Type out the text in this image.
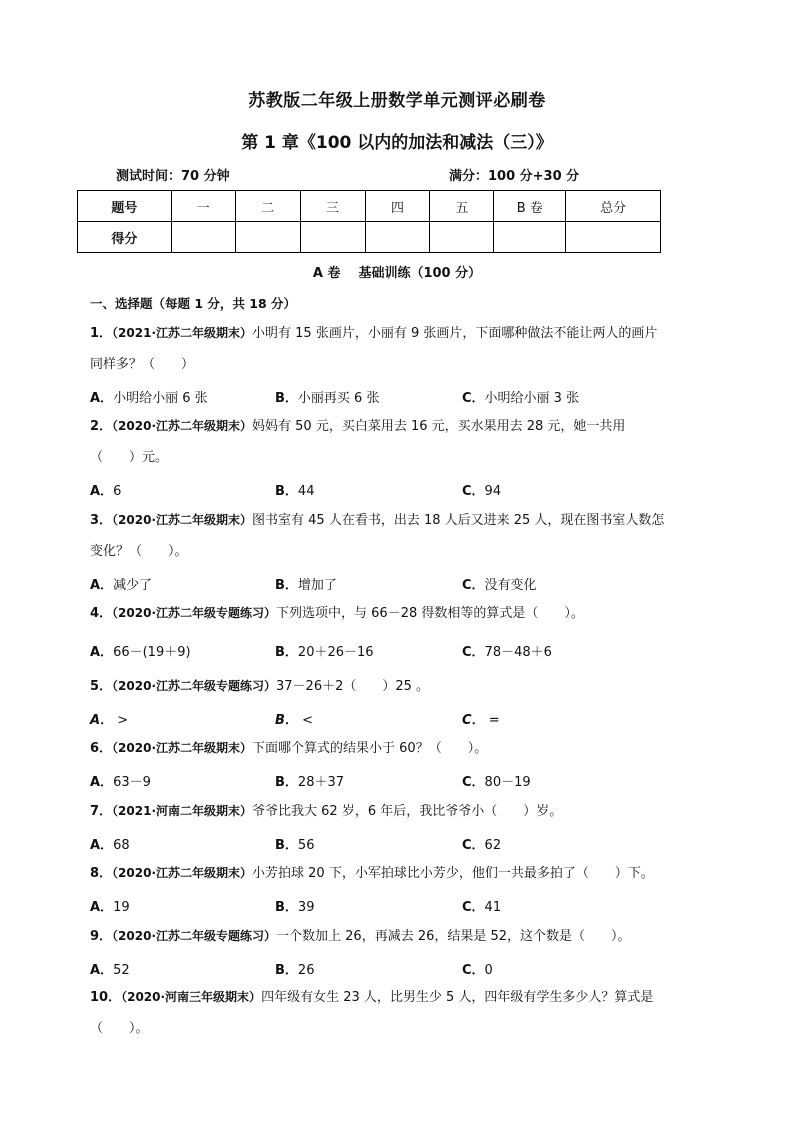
苏教版二年级上册数学单元测评必刷卷
第 1 章《100 以内的加法和减法（三）》
测试时间：70 分钟	满分：100 分+30 分
题号	一	二	三	四	五	B 卷	总分
得分							
A 卷 基础训练（100 分）
一、选择题（每题 1 分，共 18 分）
1．（2021·江苏二年级期末）小明有 15 张画片，小丽有 9 张画片，下面哪种做法不能让两人的画片
同样多？（　　）
A．小明给小丽 6 张	B．小丽再买 6 张	C．小明给小丽 3 张
2．（2020·江苏二年级期末）妈妈有 50 元，买白菜用去 16 元，买水果用去 28 元，她一共用
（　　）元。
A．6	B．44	C．94
3．（2020·江苏二年级期末）图书室有 45 人在看书，出去 18 人后又进来 25 人，现在图书室人数怎
变化？（　　）。
A．减少了	B．增加了	C．没有变化
4．（2020·江苏二年级专题练习）下列选项中，与 66－28 得数相等的算式是（　　）。
A．66－(19＋9)	B．20＋26－16	C．78－48＋6
5．（2020·江苏二年级专题练习）37－26＋2（　　）25 。
A． >	B． <	C． =
6．（2020·江苏二年级期末）下面哪个算式的结果小于 60？（　　）。
A．63－9	B．28＋37	C．80－19
7．（2021·河南二年级期末）爷爷比我大 62 岁，6 年后，我比爷爷小（　　）岁。
A．68	B．56	C．62
8．（2020·江苏二年级期末）小芳拍球 20 下，小军拍球比小芳少，他们一共最多拍了（　　）下。
A．19	B．39	C．41
9．（2020·江苏二年级专题练习）一个数加上 26，再减去 26，结果是 52，这个数是（　　）。
A．52	B．26	C．0
10．（2020·河南三年级期末）四年级有女生 23 人，比男生少 5 人，四年级有学生多少人？算式是
（　　）。
